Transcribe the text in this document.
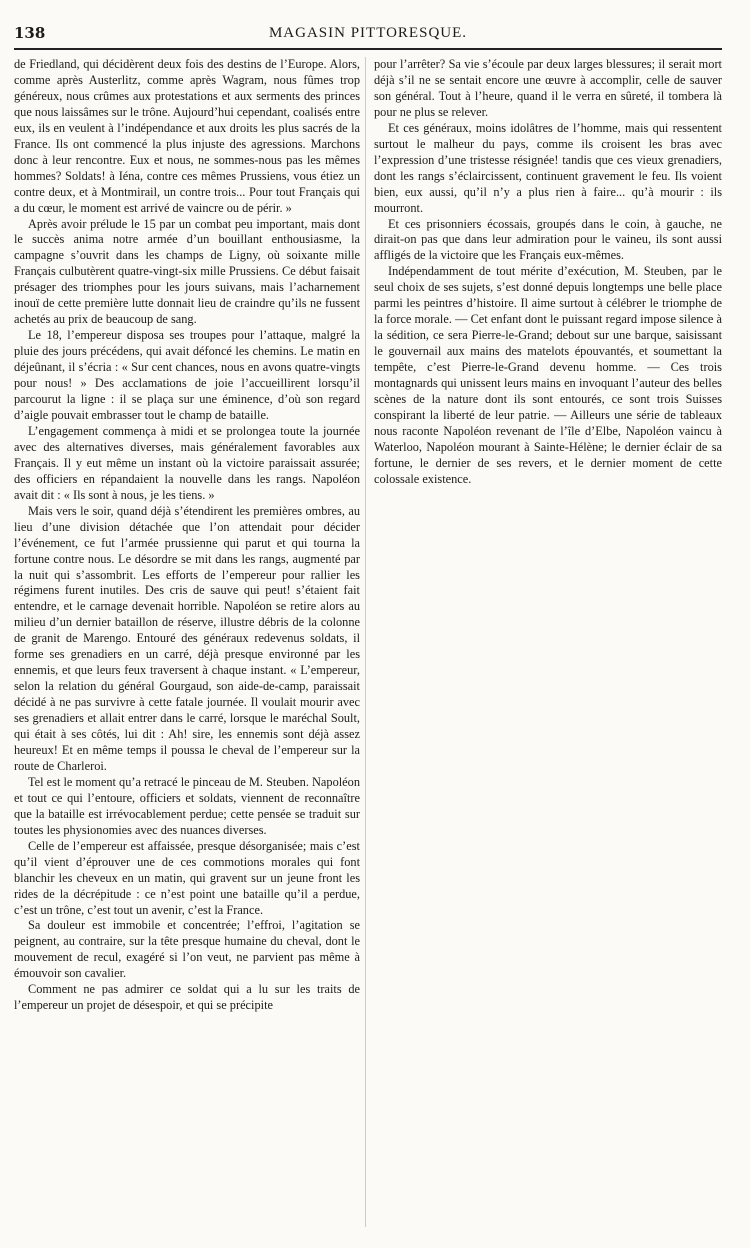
138	MAGASIN PITTORESQUE.

de Friedland, qui décidèrent deux fois des destins de l’Europe. Alors, comme après Austerlitz, comme après Wagram, nous fûmes trop généreux, nous crûmes aux protestations et aux serments des princes que nous laissâmes sur le trône. Aujourd’hui cependant, coalisés entre eux, ils en veulent à l’indépendance et aux droits les plus sacrés de la France. Ils ont commencé la plus injuste des agressions. Marchons donc à leur rencontre. Eux et nous, ne sommes-nous pas les mêmes hommes? Soldats! à Iéna, contre ces mêmes Prussiens, vous étiez un contre deux, et à Montmirail, un contre trois... Pour tout Français qui a du cœur, le moment est arrivé de vaincre ou de périr. »

Après avoir prélude le 15 par un combat peu important, mais dont le succès anima notre armée d’un bouillant enthousiasme, la campagne s’ouvrit dans les champs de Ligny, où soixante mille Français culbutèrent quatre-vingt-six mille Prussiens. Ce début faisait présager des triomphes pour les jours suivans, mais l’acharnement inouï de cette première lutte donnait lieu de craindre qu’ils ne fussent achetés au prix de beaucoup de sang.

Le 18, l’empereur disposa ses troupes pour l’attaque, malgré la pluie des jours précédens, qui avait défoncé les chemins. Le matin en déjeûnant, il s’écria : « Sur cent chances, nous en avons quatre-vingts pour nous! » Des acclamations de joie l’accueillirent lorsqu’il parcourut la ligne : il se plaça sur une éminence, d’où son regard d’aigle pouvait embrasser tout le champ de bataille.

L’engagement commença à midi et se prolongea toute la journée avec des alternatives diverses, mais généralement favorables aux Français. Il y eut même un instant où la victoire paraissait assurée; des officiers en répandaient la nouvelle dans les rangs. Napoléon avait dit : « Ils sont à nous, je les tiens. »

Mais vers le soir, quand déjà s’étendirent les premières ombres, au lieu d’une division détachée que l’on attendait pour décider l’événement, ce fut l’armée prussienne qui parut et qui tourna la fortune contre nous. Le désordre se mit dans les rangs, augmenté par la nuit qui s’assombrit. Les efforts de l’empereur pour rallier les régimens furent inutiles. Des cris de sauve qui peut! s’étaient fait entendre, et le carnage devenait horrible. Napoléon se retire alors au milieu d’un dernier bataillon de réserve, illustre débris de la colonne de granit de Marengo. Entouré des généraux redevenus soldats, il forme ses grenadiers en un carré, déjà presque environné par les ennemis, et que leurs feux traversent à chaque instant. « L’empereur, selon la relation du général Gourgaud, son aide-de-camp, paraissait décidé à ne pas survivre à cette fatale journée. Il voulait mourir avec ses grenadiers et allait entrer dans le carré, lorsque le maréchal Soult, qui était à ses côtés, lui dit : Ah! sire, les ennemis sont déjà assez heureux! Et en même temps il poussa le cheval de l’empereur sur la route de Charleroi.

Tel est le moment qu’a retracé le pinceau de M. Steuben. Napoléon et tout ce qui l’entoure, officiers et soldats, viennent de reconnaître que la bataille est irrévocablement perdue; cette pensée se traduit sur toutes les physionomies avec des nuances diverses.

Celle de l’empereur est affaissée, presque désorganisée; mais c’est qu’il vient d’éprouver une de ces commotions morales qui font blanchir les cheveux en un matin, qui gravent sur un jeune front les rides de la décrépitude : ce n’est point une bataille qu’il a perdue, c’est un trône, c’est tout un avenir, c’est la France.

Sa douleur est immobile et concentrée; l’effroi, l’agitation se peignent, au contraire, sur la tête presque humaine du cheval, dont le mouvement de recul, exagéré si l’on veut, ne parvient pas même à émouvoir son cavalier.

Comment ne pas admirer ce soldat qui a lu sur les traits de l’empereur un projet de désespoir, et qui se précipite

pour l’arrêter? Sa vie s’écoule par deux larges blessures; il serait mort déjà s’il ne se sentait encore une œuvre à accomplir, celle de sauver son général. Tout à l’heure, quand il le verra en sûreté, il tombera là pour ne plus se relever.

Et ces généraux, moins idolâtres de l’homme, mais qui ressentent surtout le malheur du pays, comme ils croisent les bras avec l’expression d’une tristesse résignée! tandis que ces vieux grenadiers, dont les rangs s’éclaircissent, continuent gravement le feu. Ils voient bien, eux aussi, qu’il n’y a plus rien à faire... qu’à mourir : ils mourront.

Et ces prisonniers écossais, groupés dans le coin, à gauche, ne dirait-on pas que dans leur admiration pour le vaineu, ils sont aussi affligés de la victoire que les Français eux-mêmes.

Indépendamment de tout mérite d’exécution, M. Steuben, par le seul choix de ses sujets, s’est donné depuis longtemps une belle place parmi les peintres d’histoire. Il aime surtout à célébrer le triomphe de la force morale. — Cet enfant dont le puissant regard impose silence à la sédition, ce sera Pierre-le-Grand; debout sur une barque, saisissant le gouvernail aux mains des matelots épouvantés, et soumettant la tempête, c’est Pierre-le-Grand devenu homme. — Ces trois montagnards qui unissent leurs mains en invoquant l’auteur des belles scènes de la nature dont ils sont entourés, ce sont trois Suisses conspirant la liberté de leur patrie. — Ailleurs une série de tableaux nous raconte Napoléon revenant de l’île d’Elbe, Napoléon vaincu à Waterloo, Napoléon mourant à Sainte-Hélène; le dernier éclair de sa fortune, le dernier de ses revers, et le dernier moment de cette colossale existence.
